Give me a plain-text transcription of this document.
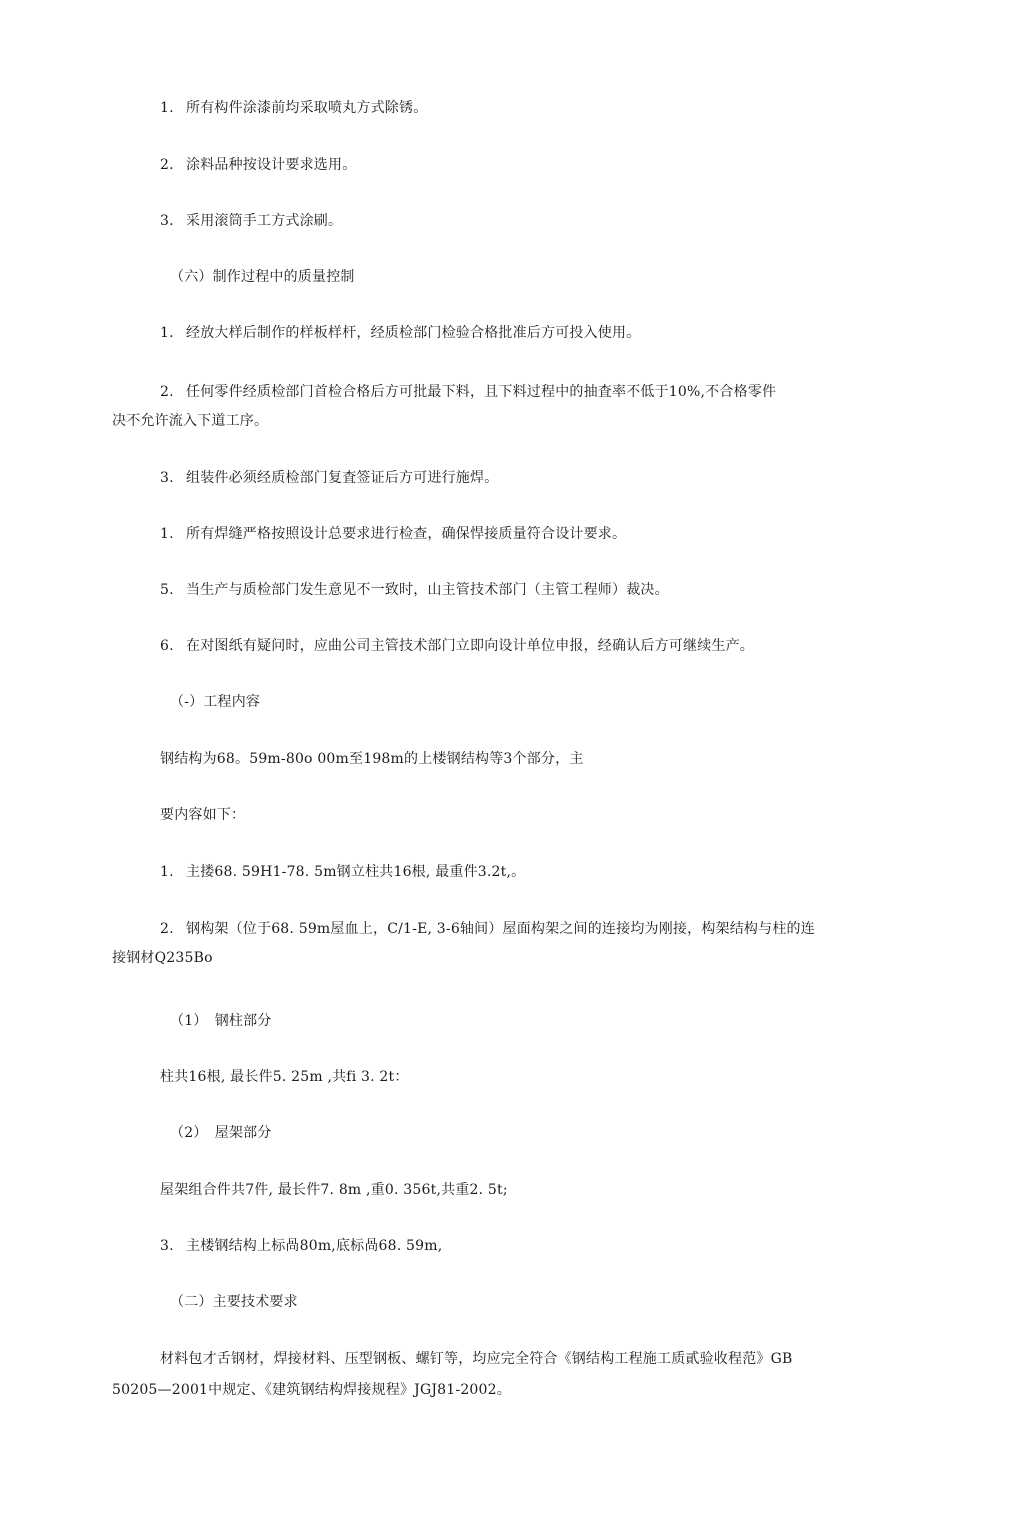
1. 所有构件涂漆前均采取喷丸方式除锈。
2. 涂料品种按设计要求选用。
3. 采用滚筒手工方式涂刷。
（六）制作过程中的质量控制
1. 经放大样后制作的样板样杆，经质检部门检验合格批准后方可投入使用。
2. 任何零件经质检部门首检合格后方可批最下料，且下料过程中的抽査率不低于10%,不合格零件
决不允许流入下道工序。
3. 组装件必须经质检部门复査签证后方可进行施焊。
1. 所有焊缝严格按照设计总要求进行检查，确保悍接质量符合设计要求。
5. 当生产与质检部门发生意见不一致时，山主管技术部门（主管工程师）裁决。
6. 在对图纸有疑问时，应曲公司主管技术部门立即向设计单位申报，经确认后方可继续生产。
（-）工程内容
钢结构为68。59m-80o 00m至198m的上楼钢结构等3个部分，主
要内容如下：
1. 主搂68. 59H1-78. 5m钢立柱共16根, 最重件3.2t,。
2. 钢构架（位于68. 59m屋血上，C/1-E, 3-6轴间）屋面构架之间的连接均为刚接，构架结构与柱的连
接钢材Q235Bo
（1）　钢柱部分
柱共16根, 最长件5. 25m ,共fi 3. 2t：
（2）　屋架部分
屋架组合件共7件, 最长件7. 8m ,重0. 356t,共重2. 5t;
3. 主楼钢结构上标咼80m,底标咼68. 59m,
（二）主要技术要求
材料包才舌钢材，焊接材料、压型钢板、螺钉等，均应完全符合《钢结构工程施工质貳验收程范》GB
50205—2001中规定、《建筑钢结构焊接规程》JGJ81-2002。
